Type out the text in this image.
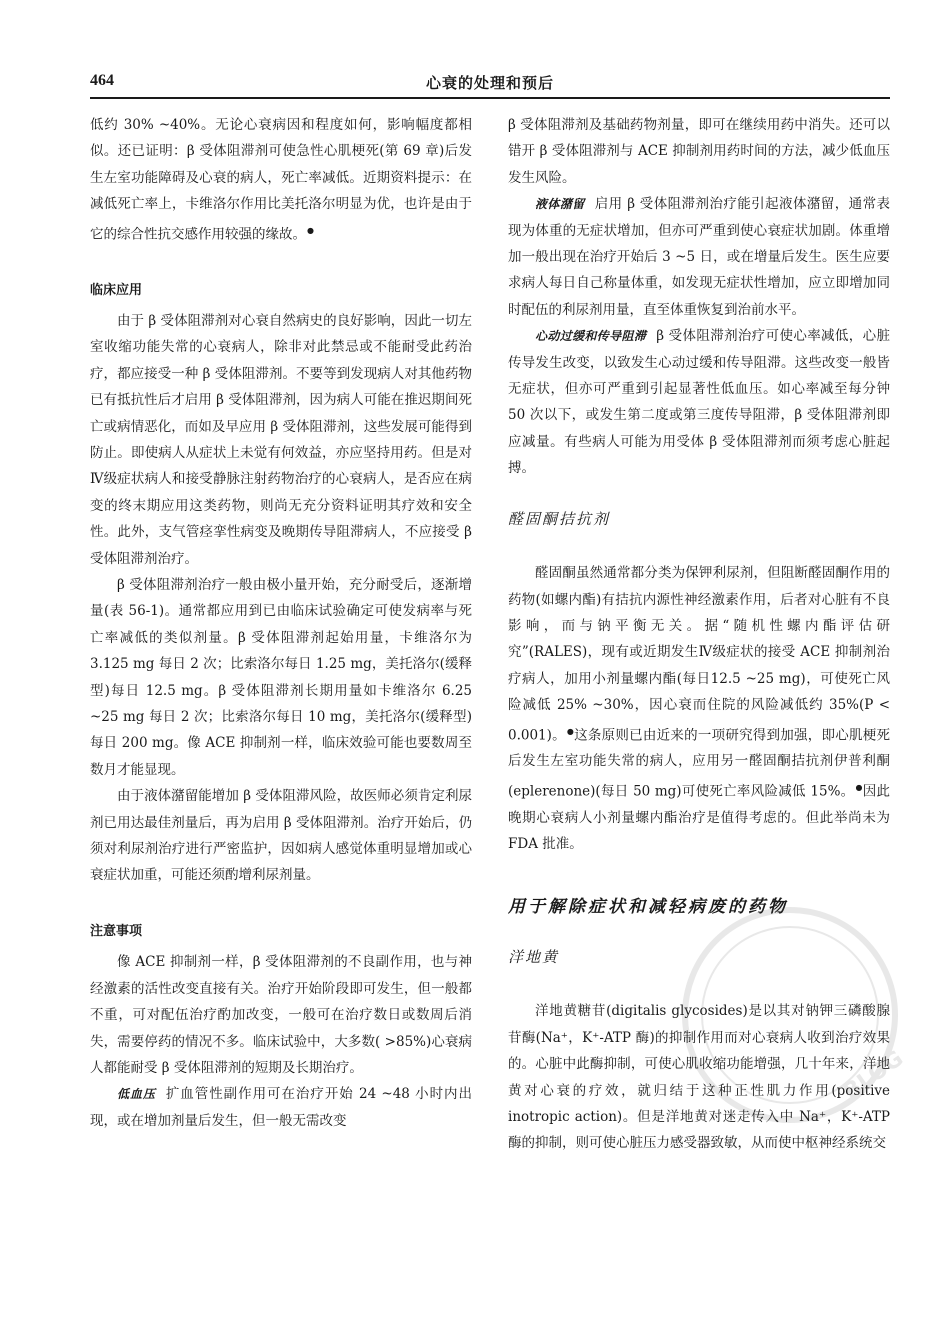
464	心衰的处理和预后

低约 30% ~40%。无论心衰病因和程度如何，影响幅度都相似。还已证明：β 受体阻滞剂可使急性心肌梗死(第 69 章)后发生左室功能障碍及心衰的病人，死亡率减低。近期资料提示：在减低死亡率上，卡维洛尔作用比美托洛尔明显为优，也许是由于它的综合性抗交感作用较强的缘故。●

临床应用

由于 β 受体阻滞剂对心衰自然病史的良好影响，因此一切左室收缩功能失常的心衰病人，除非对此禁忌或不能耐受此药治疗，都应接受一种 β 受体阻滞剂。不要等到发现病人对其他药物已有抵抗性后才启用 β 受体阻滞剂，因为病人可能在推迟期间死亡或病情恶化，而如及早应用 β 受体阻滞剂，这些发展可能得到防止。即使病人从症状上未觉有何效益，亦应坚持用药。但是对Ⅳ级症状病人和接受静脉注射药物治疗的心衰病人，是否应在病变的终末期应用这类药物，则尚无充分资料证明其疗效和安全性。此外，支气管痉挛性病变及晚期传导阻滞病人，不应接受 β 受体阻滞剂治疗。

β 受体阻滞剂治疗一般由极小量开始，充分耐受后，逐渐增量(表 56-1)。通常都应用到已由临床试验确定可使发病率与死亡率减低的类似剂量。β 受体阻滞剂起始用量，卡维洛尔为 3.125 mg 每日 2 次；比索洛尔每日 1.25 mg，美托洛尔(缓释型)每日 12.5 mg。β 受体阻滞剂长期用量如卡维洛尔 6.25 ~25 mg 每日 2 次；比索洛尔每日 10 mg，美托洛尔(缓释型)每日 200 mg。像 ACE 抑制剂一样，临床效验可能也要数周至数月才能显现。

由于液体潴留能增加 β 受体阻滞风险，故医师必须肯定利尿剂已用达最佳剂量后，再为启用 β 受体阻滞剂。治疗开始后，仍须对利尿剂治疗进行严密监护，因如病人感觉体重明显增加或心衰症状加重，可能还须酌增利尿剂量。

注意事项

像 ACE 抑制剂一样，β 受体阻滞剂的不良副作用，也与神经激素的活性改变直接有关。治疗开始阶段即可发生，但一般都不重，可对配伍治疗酌加改变，一般可在治疗数日或数周后消失，需要停药的情况不多。临床试验中，大多数( >85%)心衰病人都能耐受 β 受体阻滞剂的短期及长期治疗。

低血压 扩血管性副作用可在治疗开始 24 ~48 小时内出现，或在增加剂量后发生，但一般无需改变

β 受体阻滞剂及基础药物剂量，即可在继续用药中消失。还可以错开 β 受体阻滞剂与 ACE 抑制剂用药时间的方法，减少低血压发生风险。

液体潴留 启用 β 受体阻滞剂治疗能引起液体潴留，通常表现为体重的无症状增加，但亦可严重到使心衰症状加剧。体重增加一般出现在治疗开始后 3 ~5 日，或在增量后发生。医生应要求病人每日自己称量体重，如发现无症状性增加，应立即增加同时配伍的利尿剂用量，直至体重恢复到治前水平。

心动过缓和传导阻滞 β 受体阻滞剂治疗可使心率减低，心脏传导发生改变，以致发生心动过缓和传导阻滞。这些改变一般皆无症状，但亦可严重到引起显著性低血压。如心率减至每分钟 50 次以下，或发生第二度或第三度传导阻滞，β 受体阻滞剂即应减量。有些病人可能为用受体 β 受体阻滞剂而须考虑心脏起搏。

醛固酮拮抗剂

醛固酮虽然通常都分类为保钾利尿剂，但阻断醛固酮作用的药物(如螺内酯)有拮抗内源性神经激素作用，后者对心脏有不良影响，而与钠平衡无关。据“随机性螺内酯评估研究”(RALES)，现有或近期发生Ⅳ级症状的接受 ACE 抑制剂治疗病人，加用小剂量螺内酯(每日12.5 ~25 mg)，可使死亡风险减低 25% ~30%，因心衰而住院的风险减低约 35%(P < 0.001)。●这条原则已由近来的一项研究得到加强，即心肌梗死后发生左室功能失常的病人，应用另一醛固酮拮抗剂伊普利酮(eplerenone)(每日 50 mg)可使死亡率风险减低 15%。●因此晚期心衰病人小剂量螺内酯治疗是值得考虑的。但此举尚未为 FDA 批准。

用于解除症状和减轻病废的药物
洋地黄

洋地黄糖苷(digitalis glycosides)是以其对钠钾三磷酸腺苷酶(Na⁺，K⁺-ATP 酶)的抑制作用而对心衰病人收到治疗效果的。心脏中此酶抑制，可使心肌收缩功能增强，几十年来，洋地黄对心衰的疗效，就归结于这种正性肌力作用(positive inotropic action)。但是洋地黄对迷走传入中 Na⁺，K⁺-ATP 酶的抑制，则可使心脏压力感受器致敏，从而使中枢神经系统交

BLOG
